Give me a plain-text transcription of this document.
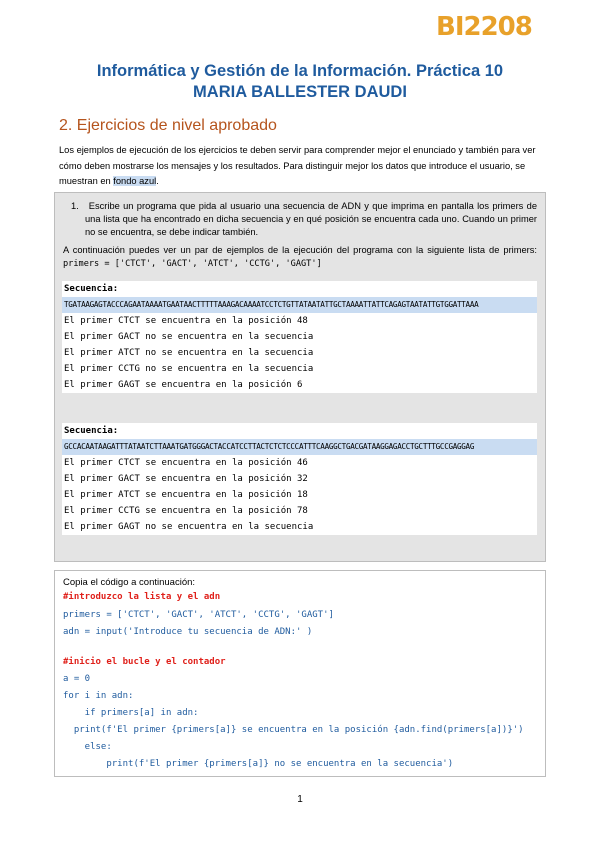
BI2208
Informática y Gestión de la Información. Práctica 10
MARIA BALLESTER DAUDI
2. Ejercicios de nivel aprobado
Los ejemplos de ejecución de los ejercicios te deben servir para comprender mejor el enunciado y también para ver cómo deben mostrarse los mensajes y los resultados. Para distinguir mejor los datos que introduce el usuario, se muestran en fondo azul.
1. Escribe un programa que pida al usuario una secuencia de ADN y que imprima en pantalla los primers de una lista que ha encontrado en dicha secuencia y en qué posición se encuentra cada uno. Cuando un primer no se encuentra, se debe indicar también.
A continuación puedes ver un par de ejemplos de la ejecución del programa con la siguiente lista de primers: primers = ['CTCT', 'GACT', 'ATCT', 'CCTG', 'GAGT']
Secuencia:
TGATAAGAGTACCCAGAATAAAATGAATAACTTTTTAAAGACAAAATCCTCTGTTATAATATTGCTAAAATTATTCAGAGTAATATTGTGGATTAAA
El primer CTCT se encuentra en la posición 48
El primer GACT no se encuentra en la secuencia
El primer ATCT no se encuentra en la secuencia
El primer CCTG no se encuentra en la secuencia
El primer GAGT se encuentra en la posición 6
Secuencia:
GCCACAATAAGATTTATAATCTTAAATGATGGGACTACCATCCTTACTCTCTCCCATTTCAAGGCTGACGATAAGGAGACCTGCTTTGCCGAGGAG
El primer CTCT se encuentra en la posición 46
El primer GACT se encuentra en la posición 32
El primer ATCT se encuentra en la posición 18
El primer CCTG se encuentra en la posición 78
El primer GAGT no se encuentra en la secuencia
Copia el código a continuación:
#introduzco la lista y el adn
primers = ['CTCT', 'GACT', 'ATCT', 'CCTG', 'GAGT']
adn = input('Introduce tu secuencia de ADN:' )
#inicio el bucle y el contador
a = 0
for i in adn:
if primers[a] in adn:
print(f'El primer {primers[a]} se encuentra en la posición {adn.find(primers[a])}')
else:
print(f'El primer {primers[a]} no se encuentra en la secuencia')
1
